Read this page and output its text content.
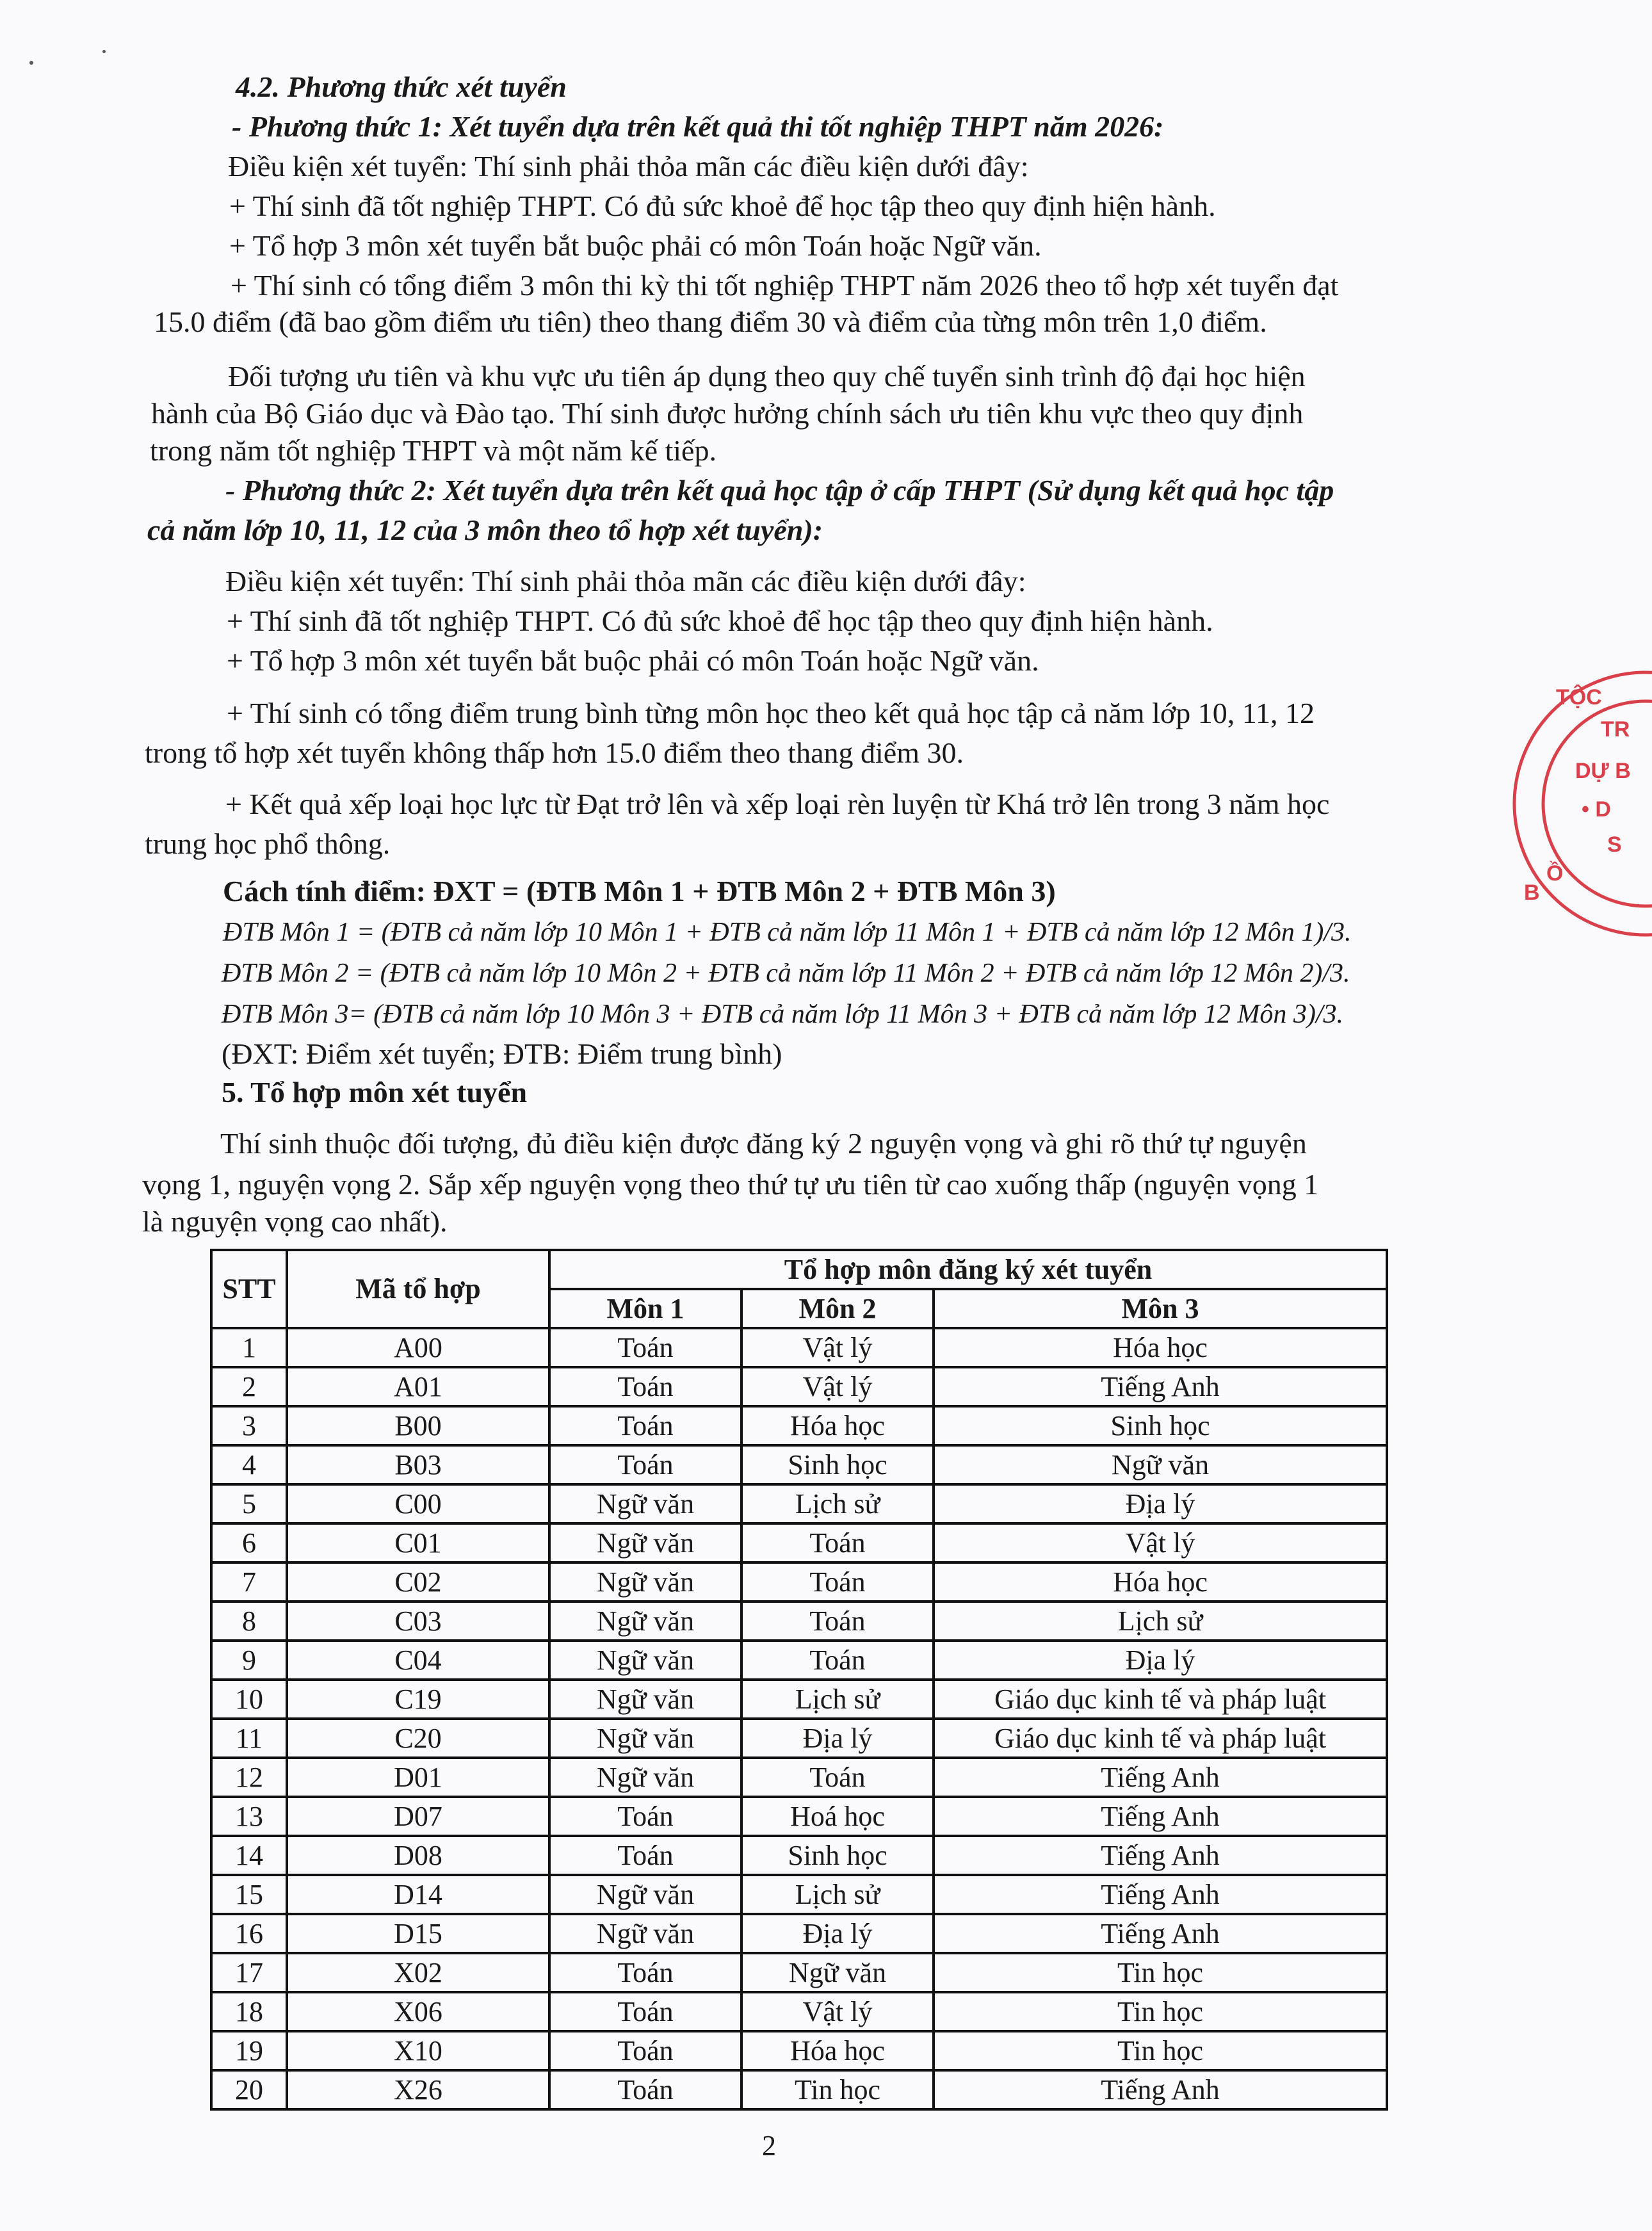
4.2. Phương thức xét tuyển
- Phương thức 1: Xét tuyển dựa trên kết quả thi tốt nghiệp THPT năm 2026:
Điều kiện xét tuyển: Thí sinh phải thỏa mãn các điều kiện dưới đây:
+ Thí sinh đã tốt nghiệp THPT. Có đủ sức khoẻ để học tập theo quy định hiện hành.
+ Tổ hợp 3 môn xét tuyển bắt buộc phải có môn Toán hoặc Ngữ văn.
+ Thí sinh có tổng điểm 3 môn thi kỳ thi tốt nghiệp THPT năm 2026 theo tổ hợp xét tuyển đạt
15.0 điểm (đã bao gồm điểm ưu tiên) theo thang điểm 30 và điểm của từng môn trên 1,0 điểm.
Đối tượng ưu tiên và khu vực ưu tiên áp dụng theo quy chế tuyển sinh trình độ đại học hiện
hành của Bộ Giáo dục và Đào tạo. Thí sinh được hưởng chính sách ưu tiên khu vực theo quy định
trong năm tốt nghiệp THPT và một năm kế tiếp.
- Phương thức 2: Xét tuyển dựa trên kết quả học tập ở cấp THPT (Sử dụng kết quả học tập
cả năm lớp 10, 11, 12 của 3 môn theo tổ hợp xét tuyển):
Điều kiện xét tuyển: Thí sinh phải thỏa mãn các điều kiện dưới đây:
+ Thí sinh đã tốt nghiệp THPT. Có đủ sức khoẻ để học tập theo quy định hiện hành.
+ Tổ hợp 3 môn xét tuyển bắt buộc phải có môn Toán hoặc Ngữ văn.
+ Thí sinh có tổng điểm trung bình từng môn học theo kết quả học tập cả năm lớp 10, 11, 12
trong tổ hợp xét tuyển không thấp hơn 15.0 điểm theo thang điểm 30.
+ Kết quả xếp loại học lực từ Đạt trở lên và xếp loại rèn luyện từ Khá trở lên trong 3 năm học
trung học phổ thông.
Cách tính điểm: ĐXT = (ĐTB Môn 1 + ĐTB Môn 2 + ĐTB Môn 3)
ĐTB Môn 1 = (ĐTB cả năm lớp 10 Môn 1 + ĐTB cả năm lớp 11 Môn 1 + ĐTB cả năm lớp 12 Môn 1)/3.
ĐTB Môn 2 = (ĐTB cả năm lớp 10 Môn 2 + ĐTB cả năm lớp 11 Môn 2 + ĐTB cả năm lớp 12 Môn 2)/3.
ĐTB Môn 3= (ĐTB cả năm lớp 10 Môn 3 + ĐTB cả năm lớp 11 Môn 3 + ĐTB cả năm lớp 12 Môn 3)/3.
(ĐXT: Điểm xét tuyển; ĐTB: Điểm trung bình)
5. Tổ hợp môn xét tuyển
Thí sinh thuộc đối tượng, đủ điều kiện được đăng ký 2 nguyện vọng và ghi rõ thứ tự nguyện
vọng 1, nguyện vọng 2. Sắp xếp nguyện vọng theo thứ tự ưu tiên từ cao xuống thấp (nguyện vọng 1
là nguyện vọng cao nhất).
STT	Mã tổ hợp	Tổ hợp môn đăng ký xét tuyển		
		Môn 1	Môn 2	Môn 3
1	A00	Toán	Vật lý	Hóa học
2	A01	Toán	Vật lý	Tiếng Anh
3	B00	Toán	Hóa học	Sinh học
4	B03	Toán	Sinh học	Ngữ văn
5	C00	Ngữ văn	Lịch sử	Địa lý
6	C01	Ngữ văn	Toán	Vật lý
7	C02	Ngữ văn	Toán	Hóa học
8	C03	Ngữ văn	Toán	Lịch sử
9	C04	Ngữ văn	Toán	Địa lý
10	C19	Ngữ văn	Lịch sử	Giáo dục kinh tế và pháp luật
11	C20	Ngữ văn	Địa lý	Giáo dục kinh tế và pháp luật
12	D01	Ngữ văn	Toán	Tiếng Anh
13	D07	Toán	Hoá học	Tiếng Anh
14	D08	Toán	Sinh học	Tiếng Anh
15	D14	Ngữ văn	Lịch sử	Tiếng Anh
16	D15	Ngữ văn	Địa lý	Tiếng Anh
17	X02	Toán	Ngữ văn	Tin học
18	X06	Toán	Vật lý	Tin học
19	X10	Toán	Hóa học	Tin học
20	X26	Toán	Tin học	Tiếng Anh
2
TỘC
TR
DỰ B
• D
S
Ồ
B
